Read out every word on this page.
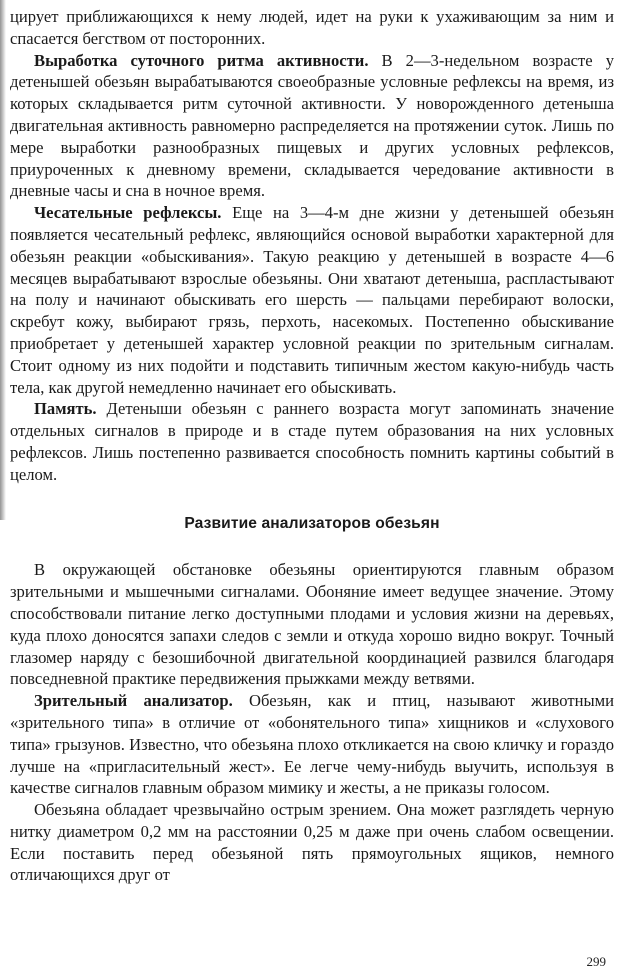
цирует приближающихся к нему людей, идет на руки к ухаживающим за ним и спасается бегством от посторонних.

Выработка суточного ритма активности. В 2—3-недельном возрасте у детенышей обезьян вырабатываются своеобразные условные рефлексы на время, из которых складывается ритм суточной активности. У новорожденного детеныша двигательная активность равномерно распределяется на протяжении суток. Лишь по мере выработки разнообразных пищевых и других условных рефлексов, приуроченных к дневному времени, складывается чередование активности в дневные часы и сна в ночное время.

Чесательные рефлексы. Еще на 3—4-м дне жизни у детенышей обезьян появляется чесательный рефлекс, являющийся основой выработки характерной для обезьян реакции «обыскивания». Такую реакцию у детенышей в возрасте 4—6 месяцев вырабатывают взрослые обезьяны. Они хватают детеныша, распластывают на полу и начинают обыскивать его шерсть — пальцами перебирают волоски, скребут кожу, выбирают грязь, перхоть, насекомых. Постепенно обыскивание приобретает у детенышей характер условной реакции по зрительным сигналам. Стоит одному из них подойти и подставить типичным жестом какую-нибудь часть тела, как другой немедленно начинает его обыскивать.

Память. Детеныши обезьян с раннего возраста могут запоминать значение отдельных сигналов в природе и в стаде путем образования на них условных рефлексов. Лишь постепенно развивается способность помнить картины событий в целом.

Развитие анализаторов обезьян

В окружающей обстановке обезьяны ориентируются главным образом зрительными и мышечными сигналами. Обоняние имеет ведущее значение. Этому способствовали питание легко доступными плодами и условия жизни на деревьях, куда плохо доносятся запахи следов с земли и откуда хорошо видно вокруг. Точный глазомер наряду с безошибочной двигательной координацией развился благодаря повседневной практике передвижения прыжками между ветвями.

Зрительный анализатор. Обезьян, как и птиц, называют животными «зрительного типа» в отличие от «обонятельного типа» хищников и «слухового типа» грызунов. Известно, что обезьяна плохо откликается на свою кличку и гораздо лучше на «пригласительный жест». Ее легче чему-нибудь выучить, используя в качестве сигналов главным образом мимику и жесты, а не приказы голосом.

Обезьяна обладает чрезвычайно острым зрением. Она может разглядеть черную нитку диаметром 0,2 мм на расстоянии 0,25 м даже при очень слабом освещении. Если поставить перед обезьяной пять прямоугольных ящиков, немного отличающихся друг от

299
